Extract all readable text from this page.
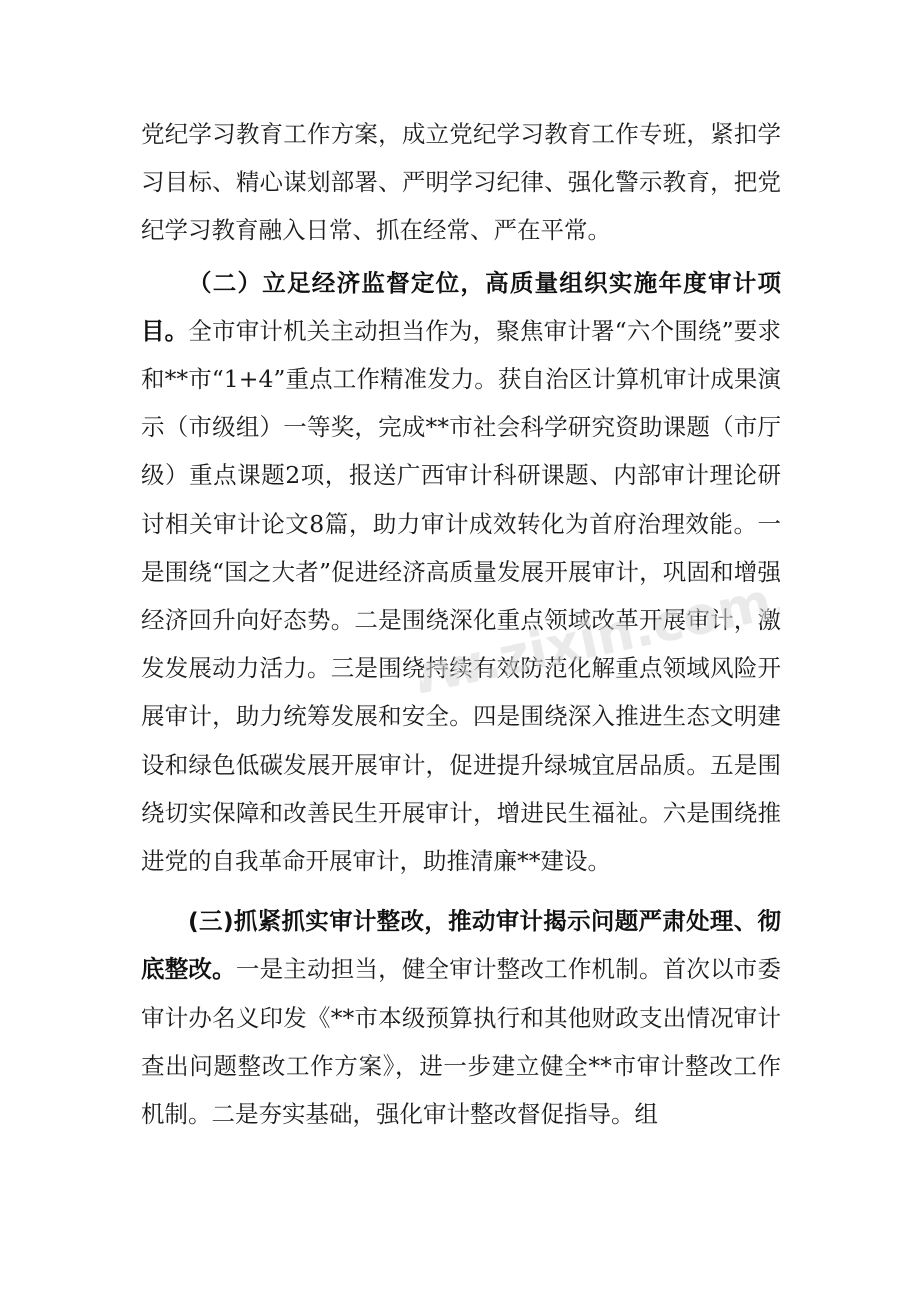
党纪学习教育工作方案，成立党纪学习教育工作专班，紧扣学习目标、精心谋划部署、严明学习纪律、强化警示教育，把党纪学习教育融入日常、抓在经常、严在平常。

（二）立足经济监督定位，高质量组织实施年度审计项目。全市审计机关主动担当作为，聚焦审计署“六个围绕”要求和**市“1+4”重点工作精准发力。获自治区计算机审计成果演示（市级组）一等奖，完成**市社会科学研究资助课题（市厅级）重点课题2项，报送广西审计科研课题、内部审计理论研讨相关审计论文8篇，助力审计成效转化为首府治理效能。一是围绕“国之大者”促进经济高质量发展开展审计，巩固和增强经济回升向好态势。二是围绕深化重点领域改革开展审计，激发发展动力活力。三是围绕持续有效防范化解重点领域风险开展审计，助力统筹发展和安全。四是围绕深入推进生态文明建设和绿色低碳发展开展审计，促进提升绿城宜居品质。五是围绕切实保障和改善民生开展审计，增进民生福祉。六是围绕推进党的自我革命开展审计，助推清廉**建设。

(三)抓紧抓实审计整改，推动审计揭示问题严肃处理、彻底整改。一是主动担当，健全审计整改工作机制。首次以市委审计办名义印发《**市本级预算执行和其他财政支出情况审计查出问题整改工作方案》，进一步建立健全**市审计整改工作机制。二是夯实基础，强化审计整改督促指导。组

www.zixin.com.cn
